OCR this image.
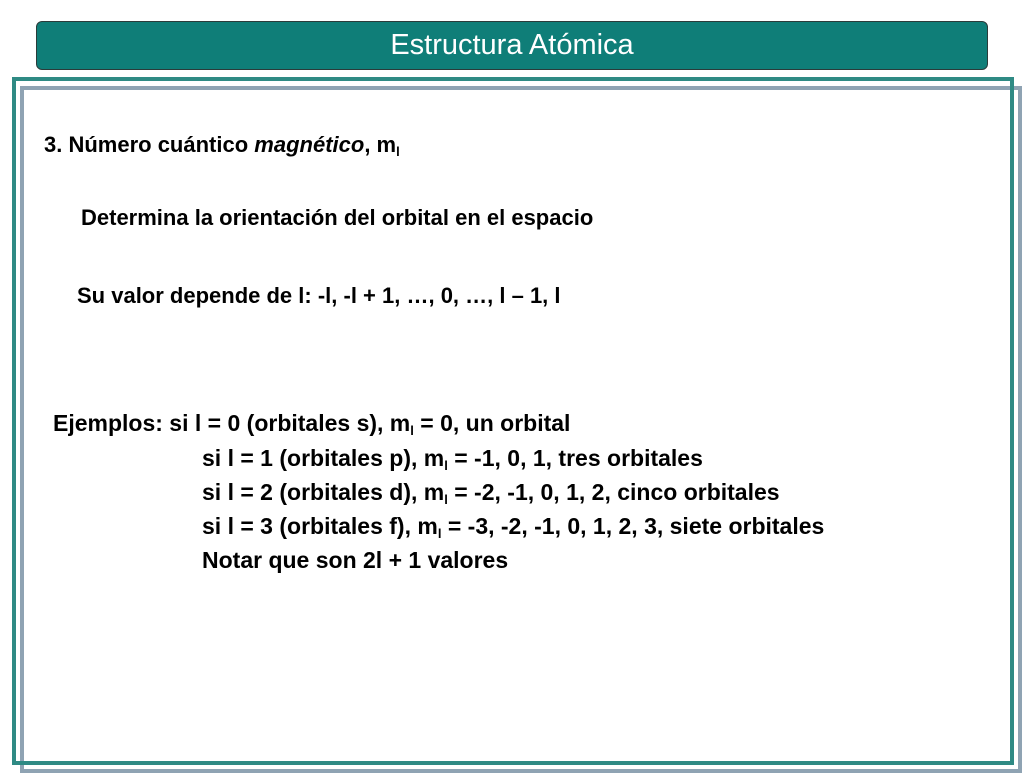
Estructura Atómica
3. Número cuántico magnético, $m_l$
Determina la orientación del orbital en el espacio
Su valor depende de l: -l, -l + 1, …, 0, …, l – 1, l
Ejemplos: si l = 0 (orbitales s), $m_l = 0$, un orbital
si l = 1 (orbitales p), $m_l = -1$, 0, 1, tres orbitales
si l = 2 (orbitales d), $m_l = -2$, -1, 0, 1, 2, cinco orbitales
si l = 3 (orbitales f), $m_l = -3$, -2, -1, 0, 1, 2, 3, siete orbitales
Notar que son 2l + 1 valores
